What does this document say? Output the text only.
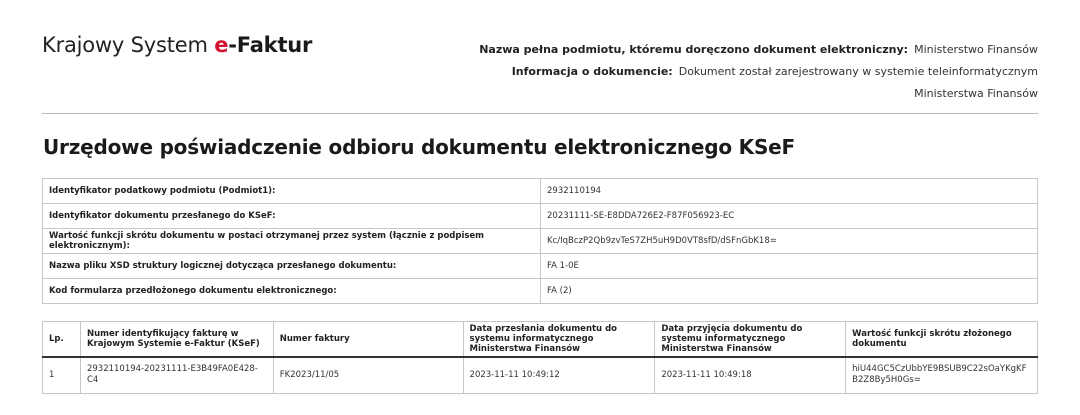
Krajowy System e-Faktur	Nazwa pełna podmiotu, któremu doręczono dokument elektroniczny: Ministerstwo Finansów
Informacja o dokumencie: Dokument został zarejestrowany w systemie teleinformatycznym
Ministerstwa Finansów
Urzędowe poświadczenie odbioru dokumentu elektronicznego KSeF
Identyfikator podatkowy podmiotu (Podmiot1):	2932110194
Identyfikator dokumentu przesłanego do KSeF:	20231111-SE-E8DDA726E2-F87F056923-EC
Wartość funkcji skrótu dokumentu w postaci otrzymanej przez system (łącznie z podpisem elektronicznym):	Kc/IqBczP2Qb9zvTeS7ZH5uH9D0VT8sfD/dSFnGbK18=
Nazwa pliku XSD struktury logicznej dotycząca przesłanego dokumentu:	FA 1-0E
Kod formularza przedłożonego dokumentu elektronicznego:	FA (2)
Lp.	Numer identyfikujący fakturę w Krajowym Systemie e-Faktur (KSeF)	Numer faktury	Data przesłania dokumentu do systemu informatycznego Ministerstwa Finansów	Data przyjęcia dokumentu do systemu informatycznego Ministerstwa Finansów	Wartość funkcji skrótu złożonego dokumentu
1	2932110194-20231111-E3B49FA0E428-C4	FK2023/11/05	2023-11-11 10:49:12	2023-11-11 10:49:18	hiU44GC5CzUbbYE9BSUB9C22sOaYKgKFB2Z8By5H0Gs=
